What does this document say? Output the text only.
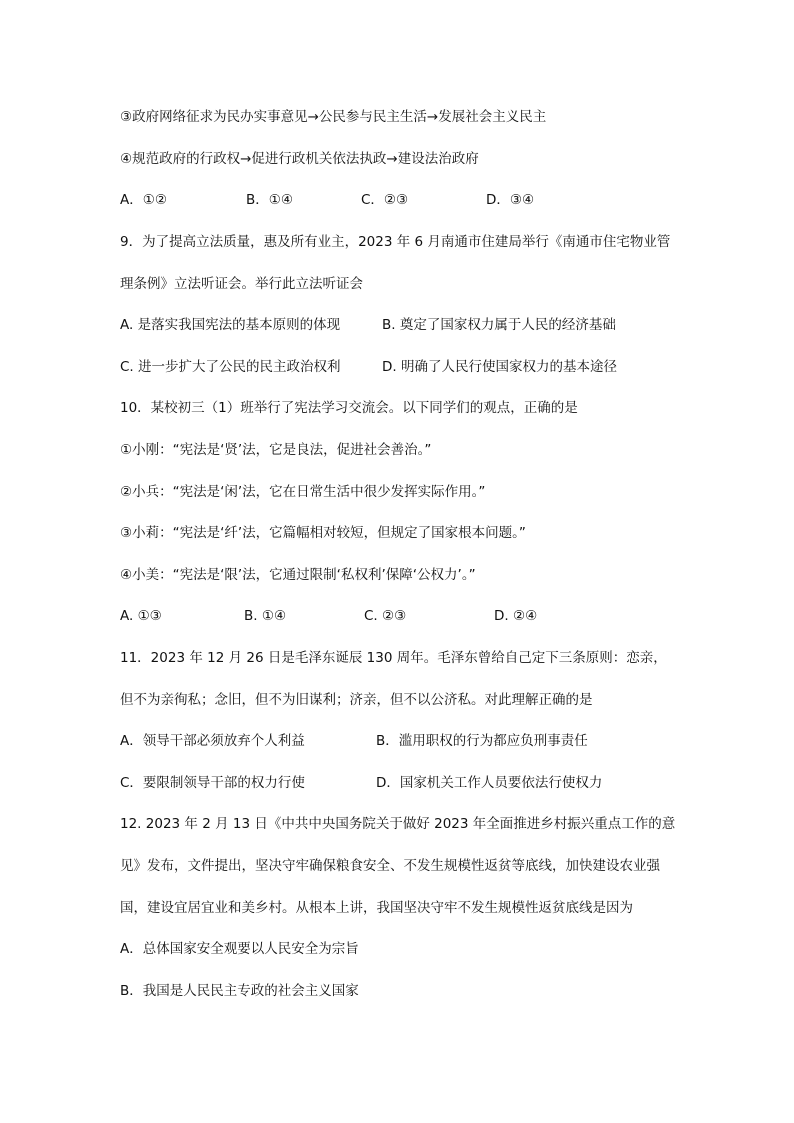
③政府网络征求为民办实事意见→公民参与民主生活→发展社会主义民主
④规范政府的行政权→促进行政机关依法执政→建设法治政府
A．①②	B．①④	C．②③	D．③④
9．为了提高立法质量，惠及所有业主，2023 年 6 月南通市住建局举行《南通市住宅物业管
理条例》立法听证会。举行此立法听证会
A. 是落实我国宪法的基本原则的体现	B. 奠定了国家权力属于人民的经济基础
C. 进一步扩大了公民的民主政治权利	D. 明确了人民行使国家权力的基本途径
10．某校初三（1）班举行了宪法学习交流会。以下同学们的观点，正确的是
①小刚：“宪法是‘贤’法，它是良法，促进社会善治。”
②小兵：“宪法是‘闲’法，它在日常生活中很少发挥实际作用。”
③小莉：“宪法是‘纤’法，它篇幅相对较短，但规定了国家根本问题。”
④小美：“宪法是‘限’法，它通过限制‘私权利’保障‘公权力’。”
A. ①③	B. ①④	C. ②③	D. ②④
11．2023 年 12 月 26 日是毛泽东诞辰 130 周年。毛泽东曾给自己定下三条原则：恋亲，
但不为亲徇私；念旧，但不为旧谋利；济亲，但不以公济私。对此理解正确的是
A．领导干部必须放弃个人利益	B．滥用职权的行为都应负刑事责任
C．要限制领导干部的权力行使	D．国家机关工作人员要依法行使权力
12. 2023 年 2 月 13 日《中共中央国务院关于做好 2023 年全面推进乡村振兴重点工作的意
见》发布，文件提出，坚决守牢确保粮食安全、不发生规模性返贫等底线，加快建设农业强
国，建设宜居宜业和美乡村。从根本上讲，我国坚决守牢不发生规模性返贫底线是因为
A．总体国家安全观要以人民安全为宗旨
B．我国是人民民主专政的社会主义国家
